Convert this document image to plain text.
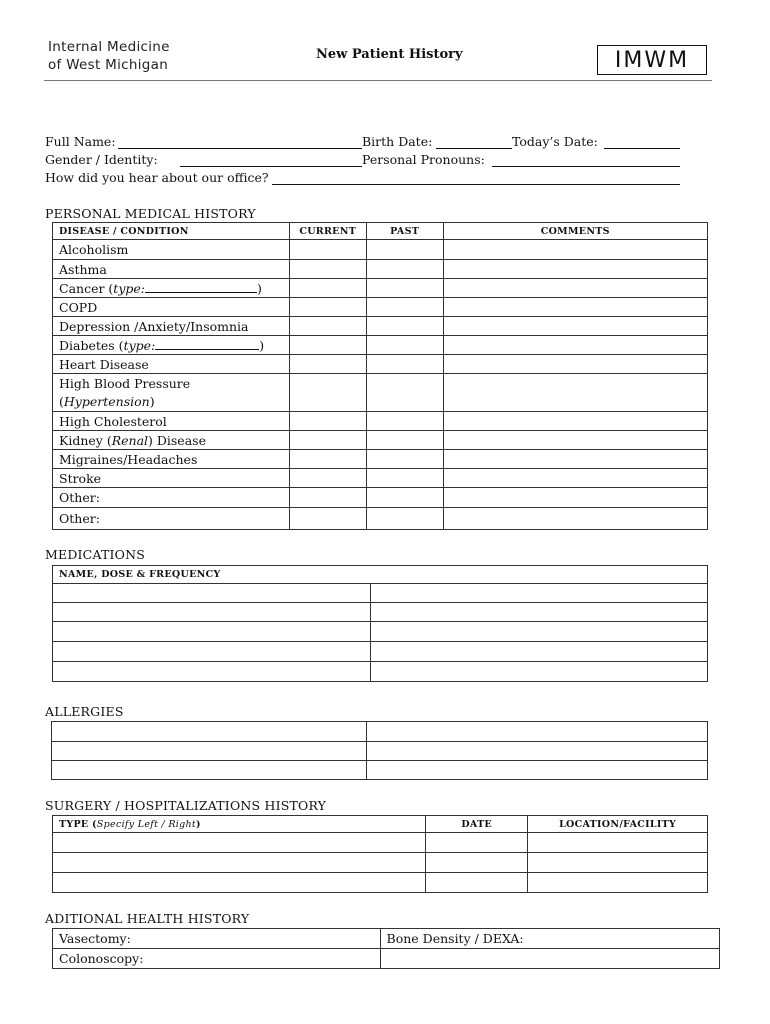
Internal Medicine
of West Michigan
New Patient History	IMWM
Full Name:	Birth Date:	Today’s Date:
Gender / Identity:	Personal Pronouns:
How did you hear about our office?
PERSONAL MEDICAL HISTORY
DISEASE / CONDITION	CURRENT	PAST	COMMENTS
Alcoholism			
Asthma			
Cancer (type: )			
COPD			
Depression /Anxiety/Insomnia			
Diabetes (type: )			
Heart Disease			
High Blood Pressure
(Hypertension)			
High Cholesterol			
Kidney (Renal) Disease			
Migraines/Headaches			
Stroke			
Other:			
Other:			
MEDICATIONS
NAME, DOSE & FREQUENCY	

ALLERGIES

SURGERY / HOSPITALIZATIONS HISTORY
TYPE (Specify Left / Right)	DATE	LOCATION/FACILITY

ADITIONAL HEALTH HISTORY
Vasectomy:	Bone Density / DEXA:
Colonoscopy:	
